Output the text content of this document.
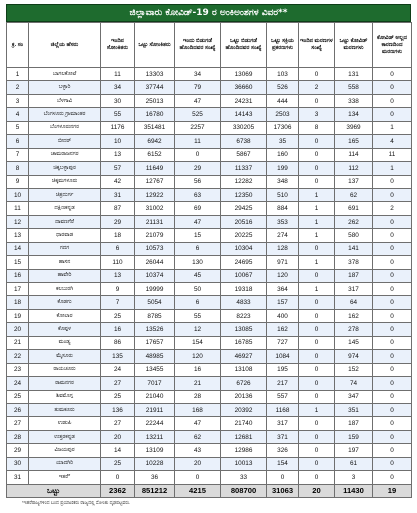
ಜಿಲ್ಲಾವಾರು ಕೋವಿಡ್-19 ರ ಅಂಕಿಅಂಶಗಳ ವಿವರ**
ಕ್ರ. ಸಂ	ಜಿಲ್ಲೆಯ ಹೆಸರು	ಇಂದಿನ ಸೋಂಕಿತರು	ಒಟ್ಟು ಸೋಂಕಿತರು	ಇಂದು ಬಿಡುಗಡೆ ಹೊಂದಿದವರ ಸಂಖ್ಯೆ	ಒಟ್ಟು ಬಿಡುಗಡೆ ಹೊಂದಿದವರ ಸಂಖ್ಯೆ	ಒಟ್ಟು ಸಕ್ರಿಯ ಪ್ರಕರಣಗಳು	ಇಂದಿನ ಮರಣಗಳ ಸಂಖ್ಯೆ	ಒಟ್ಟು ಕೋವಿಡ್ ಮರಣಗಳು	ಕೋವಿಡ್ ಅಲ್ಲದ ಕಾರಣದಿಂದ ಮರಣಗಳು
1	ಬಾಗಲಕೋಟೆ	11	13303	34	13069	103	0	131	0
2	ಬಳ್ಳಾರಿ	34	37744	79	36660	526	2	558	0
3	ಬೆಳಗಾವಿ	30	25013	47	24231	444	0	338	0
4	ಬೆಂಗಳೂರು ಗ್ರಾಮಾಂತರ	55	16780	525	14143	2503	3	134	0
5	ಬೆಂಗಳೂರುನಗರ	1176	351481	2257	330205	17306	8	3969	1
6	ಬೀದರ್	10	6942	11	6738	35	0	165	4
7	ಚಾಮರಾಜನಗರ	13	6152	0	5867	160	0	114	11
8	ಚಿಕ್ಕಬಳ್ಳಾಪುರ	57	11649	29	11337	199	0	112	1
9	ಚಿಕ್ಕಮಗಳೂರು	42	12767	56	12282	348	0	137	0
10	ಚಿತ್ರದುರ್ಗ	31	12922	63	12350	510	1	62	0
11	ದಕ್ಷಿಣಕನ್ನಡ	87	31002	69	29425	884	1	691	2
12	ದಾವಣಗೆರೆ	29	21131	47	20516	353	1	262	0
13	ಧಾರವಾಡ	18	21079	15	20225	274	1	580	0
14	ಗದಗ	6	10573	6	10304	128	0	141	0
15	ಹಾಸನ	110	26044	130	24695	971	1	378	0
16	ಹಾವೇರಿ	13	10374	45	10067	120	0	187	0
17	ಕಲಬುರಗಿ	9	19999	50	19318	364	1	317	0
18	ಕೊಡಗು	7	5054	6	4833	157	0	64	0
19	ಕೋಲಾರ	25	8785	55	8223	400	0	162	0
20	ಕೊಪ್ಪಳ	16	13526	12	13085	162	0	278	0
21	ಮಂಡ್ಯ	86	17657	154	16785	727	0	145	0
22	ಮೈಸೂರು	135	48985	120	46927	1084	0	974	0
23	ರಾಯಚೂರು	24	13455	16	13108	195	0	152	0
24	ರಾಮನಗರ	27	7017	21	6726	217	0	74	0
25	ಶಿವಮೊಗ್ಗ	25	21040	28	20136	557	0	347	0
26	ತುಮಕೂರು	136	21911	168	20392	1168	1	351	0
27	ಉಡುಪಿ	27	22244	47	21740	317	0	187	0
28	ಉತ್ತರಕನ್ನಡ	20	13211	62	12681	371	0	159	0
29	ವಿಜಯಪುರ	14	13109	43	12986	326	0	197	0
30	ಯಾದಗಿರಿ	25	10228	20	10013	154	0	61	0
31	ಇತರೆ*	0	36	0	33	0	0	3	0
ಒಟ್ಟು		2362	851212	4215	808700	31063	20	11430	19
*ಇತರೆರಾಜ್ಯಗಳಿಂದ ಬಂದ ಪ್ರಯಾಣಿಕರು ರಾಜ್ಯದಲ್ಲಿ ಸೋಂಕು ದೃಢಪಟ್ಟವರು.
